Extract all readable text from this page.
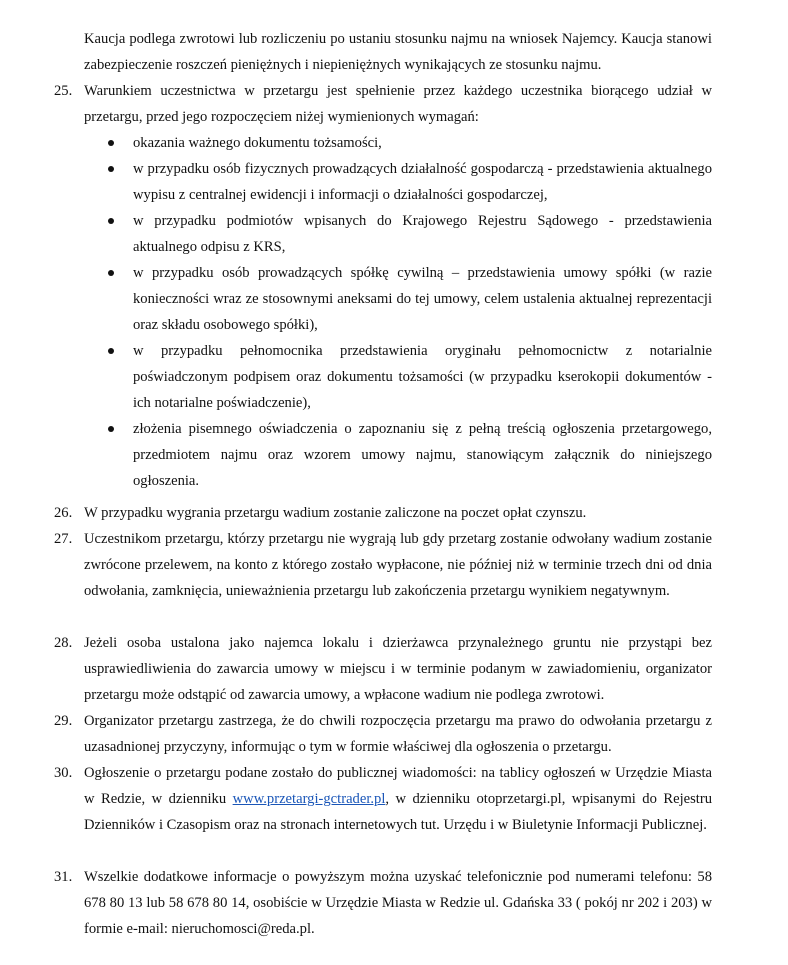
Kaucja podlega zwrotowi lub rozliczeniu po ustaniu stosunku najmu na wniosek Najemcy. Kaucja stanowi zabezpieczenie roszczeń pieniężnych i niepieniężnych wynikających ze stosunku najmu.

25. Warunkiem uczestnictwa w przetargu jest spełnienie przez każdego uczestnika biorącego udział w przetargu, przed jego rozpoczęciem niżej wymienionych wymagań:

okazania ważnego dokumentu tożsamości,

w przypadku osób fizycznych prowadzących działalność gospodarczą - przedstawienia aktualnego wypisu z centralnej ewidencji i informacji o działalności gospodarczej,

w przypadku podmiotów wpisanych do Krajowego Rejestru Sądowego - przedstawienia aktualnego odpisu z KRS,

w przypadku osób prowadzących spółkę cywilną – przedstawienia umowy spółki (w razie konieczności wraz ze stosownymi aneksami do tej umowy, celem ustalenia aktualnej reprezentacji oraz składu osobowego spółki),

w przypadku pełnomocnika przedstawienia oryginału pełnomocnictw z notarialnie poświadczonym podpisem oraz dokumentu tożsamości (w przypadku kserokopii dokumentów - ich notarialne poświadczenie),

złożenia pisemnego oświadczenia o zapoznaniu się z pełną treścią ogłoszenia przetargowego, przedmiotem najmu oraz wzorem umowy najmu, stanowiącym załącznik do niniejszego ogłoszenia.

26. W przypadku wygrania przetargu wadium zostanie zaliczone na poczet opłat czynszu.

27. Uczestnikom przetargu, którzy przetargu nie wygrają lub gdy przetarg zostanie odwołany wadium zostanie zwrócone przelewem, na konto z którego zostało wypłacone, nie później niż w terminie trzech dni od dnia odwołania, zamknięcia, unieważnienia przetargu lub zakończenia przetargu wynikiem negatywnym.

28. Jeżeli osoba ustalona jako najemca lokalu i dzierżawca przynależnego gruntu nie przystąpi bez usprawiedliwienia do zawarcia umowy w miejscu i w terminie podanym w zawiadomieniu, organizator przetargu może odstąpić od zawarcia umowy, a wpłacone wadium nie podlega zwrotowi.

29. Organizator przetargu zastrzega, że do chwili rozpoczęcia przetargu ma prawo do odwołania przetargu z uzasadnionej przyczyny, informując o tym w formie właściwej dla ogłoszenia o przetargu.

30. Ogłoszenie o przetargu podane zostało do publicznej wiadomości: na tablicy ogłoszeń w Urzędzie Miasta w Redzie, w dzienniku www.przetargi-gctrader.pl, w dzienniku otoprzetargi.pl, wpisanymi do Rejestru Dzienników i Czasopism oraz na stronach internetowych tut. Urzędu i w Biuletynie Informacji Publicznej.

31. Wszelkie dodatkowe informacje o powyższym można uzyskać telefonicznie pod numerami telefonu: 58 678 80 13 lub 58 678 80 14, osobiście w Urzędzie Miasta w Redzie ul. Gdańska 33 ( pokój nr 202 i 203) w formie e-mail: nieruchomosci@reda.pl.
